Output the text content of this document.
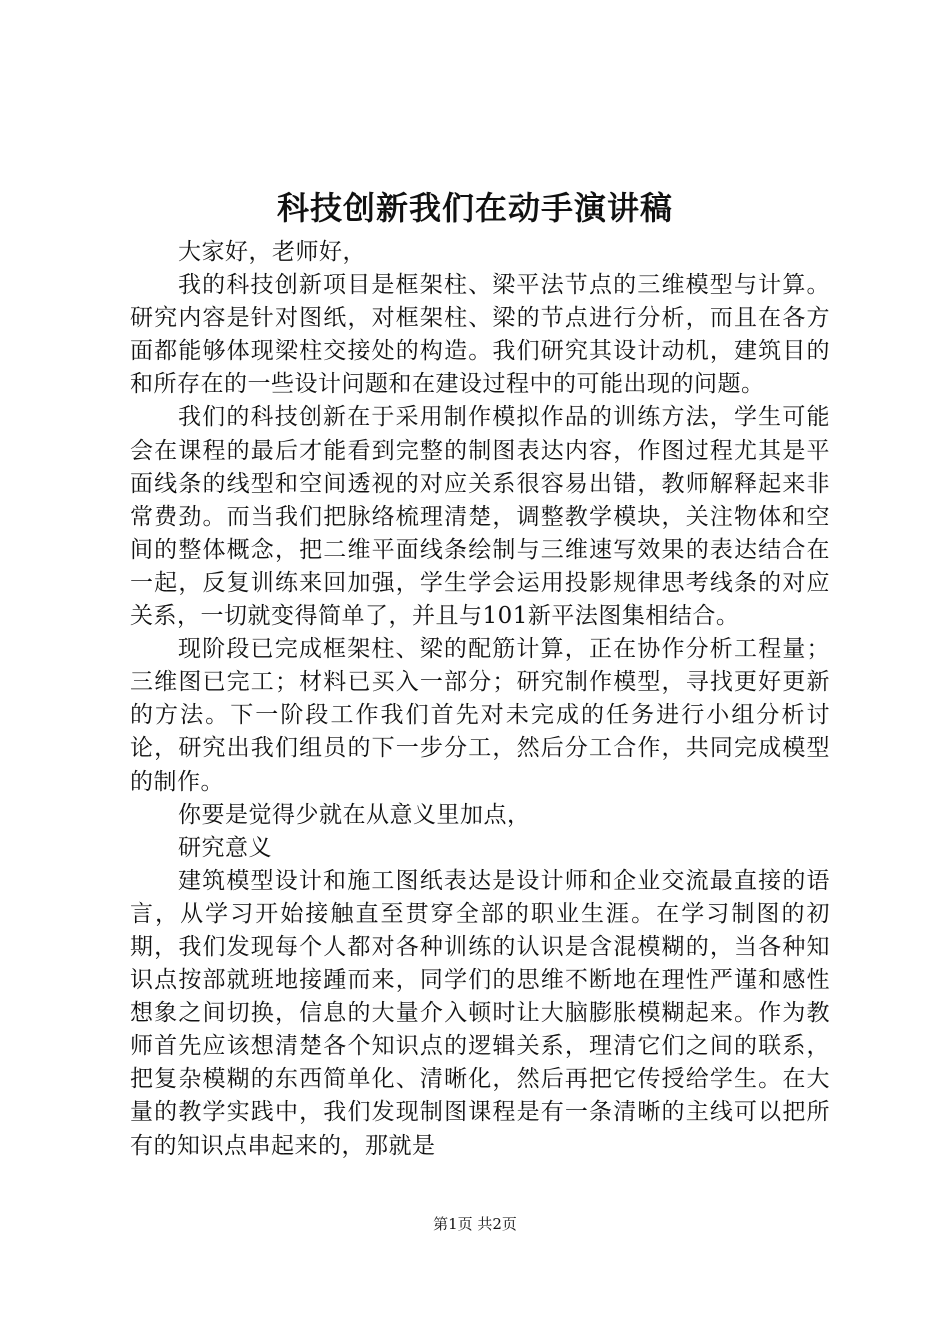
科技创新我们在动手演讲稿

大家好，老师好，

我的科技创新项目是框架柱、梁平法节点的三维模型与计算。研究内容是针对图纸，对框架柱、梁的节点进行分析，而且在各方面都能够体现梁柱交接处的构造。我们研究其设计动机，建筑目的和所存在的一些设计问题和在建设过程中的可能出现的问题。

我们的科技创新在于采用制作模拟作品的训练方法，学生可能会在课程的最后才能看到完整的制图表达内容，作图过程尤其是平面线条的线型和空间透视的对应关系很容易出错，教师解释起来非常费劲。而当我们把脉络梳理清楚，调整教学模块，关注物体和空间的整体概念，把二维平面线条绘制与三维速写效果的表达结合在一起，反复训练来回加强，学生学会运用投影规律思考线条的对应关系，一切就变得简单了，并且与101新平法图集相结合。

现阶段已完成框架柱、梁的配筋计算，正在协作分析工程量；三维图已完工；材料已买入一部分；研究制作模型，寻找更好更新的方法。下一阶段工作我们首先对未完成的任务进行小组分析讨论，研究出我们组员的下一步分工，然后分工合作，共同完成模型的制作。

你要是觉得少就在从意义里加点，

研究意义

建筑模型设计和施工图纸表达是设计师和企业交流最直接的语言，从学习开始接触直至贯穿全部的职业生涯。在学习制图的初期，我们发现每个人都对各种训练的认识是含混模糊的，当各种知识点按部就班地接踵而来，同学们的思维不断地在理性严谨和感性想象之间切换，信息的大量介入顿时让大脑膨胀模糊起来。作为教师首先应该想清楚各个知识点的逻辑关系，理清它们之间的联系，把复杂模糊的东西简单化、清晰化，然后再把它传授给学生。在大量的教学实践中，我们发现制图课程是有一条清晰的主线可以把所有的知识点串起来的，那就是

第1页 共2页
